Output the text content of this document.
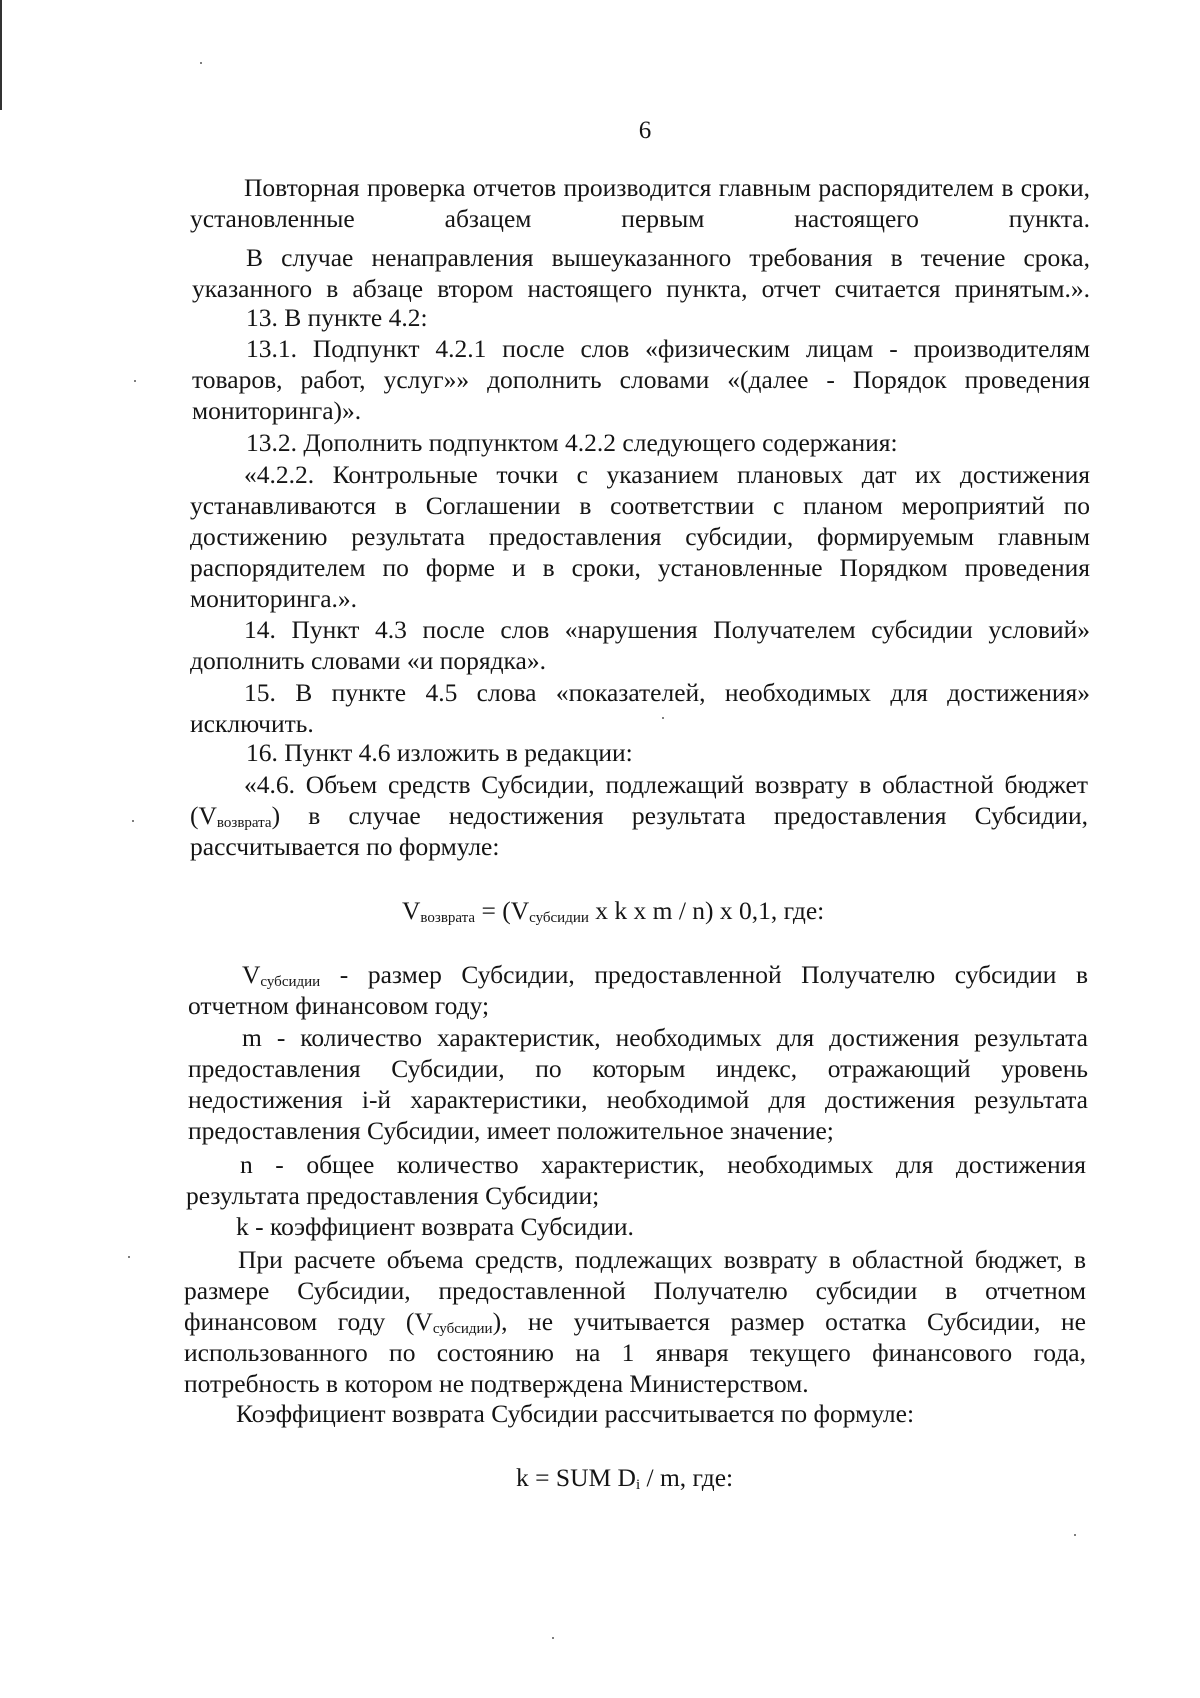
6

Повторная проверка отчетов производится главным распорядителем в сроки, установленные абзацем первым настоящего пункта.

В случае ненаправления вышеуказанного требования в течение срока, указанного в абзаце втором настоящего пункта, отчет считается принятым.».

13. В пункте 4.2:

13.1. Подпункт 4.2.1 после слов «физическим лицам - производителям товаров, работ, услуг»» дополнить словами «(далее - Порядок проведения мониторинга)».

13.2. Дополнить подпунктом 4.2.2 следующего содержания:

«4.2.2. Контрольные точки с указанием плановых дат их достижения устанавливаются в Соглашении в соответствии с планом мероприятий по достижению результата предоставления субсидии, формируемым главным распорядителем по форме и в сроки, установленные Порядком проведения мониторинга.».

14. Пункт 4.3 после слов «нарушения Получателем субсидии условий» дополнить словами «и порядка».

15. В пункте 4.5 слова «показателей, необходимых для достижения» исключить.

16. Пункт 4.6 изложить в редакции:

«4.6. Объем средств Субсидии, подлежащий возврату в областной бюджет $(V_{возврата})$ в случае недостижения результата предоставления Субсидии, рассчитывается по формуле:

$V_{возврата} = (V_{субсидии}$ x k x m / n) x 0,1, где:

$V_{субсидии}$ - размер Субсидии, предоставленной Получателю субсидии в отчетном финансовом году;

m - количество характеристик, необходимых для достижения результата предоставления Субсидии, по которым индекс, отражающий уровень недостижения i-й характеристики, необходимой для достижения результата предоставления Субсидии, имеет положительное значение;

n - общее количество характеристик, необходимых для достижения результата предоставления Субсидии;

k - коэффициент возврата Субсидии.

При расчете объема средств, подлежащих возврату в областной бюджет, в размере Субсидии, предоставленной Получателю субсидии в отчетном финансовом году $(V_{субсидии})$, не учитывается размер остатка Субсидии, не использованного по состоянию на 1 января текущего финансового года, потребность в котором не подтверждена Министерством.

Коэффициент возврата Субсидии рассчитывается по формуле:

k = SUM $D_i$ / m, где:
